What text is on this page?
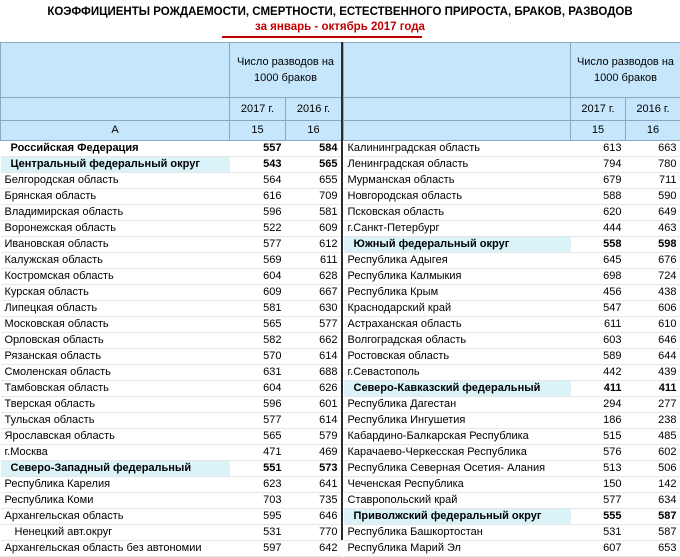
КОЭФФИЦИЕНТЫ РОЖДАЕМОСТИ, СМЕРТНОСТИ, ЕСТЕСТВЕННОГО ПРИРОСТА, БРАКОВ, РАЗВОДОВ
за январь - октябрь 2017 года
	Число разводов на 1000 браков	
	2017 г.	2016 г.
А	15	16
Российская Федерация	557	584
Центральный федеральный округ	543	565
Белгородская область	564	655
Брянская область	616	709
Владимирская область	596	581
Воронежская область	522	609
Ивановская область	577	612
Калужская область	569	611
Костромская область	604	628
Курская область	609	667
Липецкая область	581	630
Московская область	565	577
Орловская область	582	662
Рязанская область	570	614
Смоленская область	631	688
Тамбовская область	604	626
Тверская область	596	601
Тульская область	577	614
Ярославская область	565	579
г.Москва	471	469
Северо-Западный федеральный	551	573
Республика Карелия	623	641
Республика Коми	703	735
Архангельская область	595	646
Ненецкий авт.округ	531	770
Архангельская область без автономии	597	642
	Число разводов на 1000 браков	
	2017 г.	2016 г.
	15	16
Калининградская область	613	663
Ленинградская область	794	780
Мурманская область	679	711
Новгородская область	588	590
Псковская область	620	649
г.Санкт-Петербург	444	463
Южный федеральный округ	558	598
Республика Адыгея	645	676
Республика Калмыкия	698	724
Республика Крым	456	438
Краснодарский край	547	606
Астраханская область	611	610
Волгоградская область	603	646
Ростовская область	589	644
г.Севастополь	442	439
Северо-Кавказский федеральный	411	411
Республика Дагестан	294	277
Республика Ингушетия	186	238
Кабардино-Балкарская Республика	515	485
Карачаево-Черкесская Республика	576	602
Республика Северная Осетия- Алания	513	506
Чеченская Республика	150	142
Ставропольский край	577	634
Приволжский федеральный округ	555	587
Республика Башкортостан	531	587
Республика Марий Эл	607	653
